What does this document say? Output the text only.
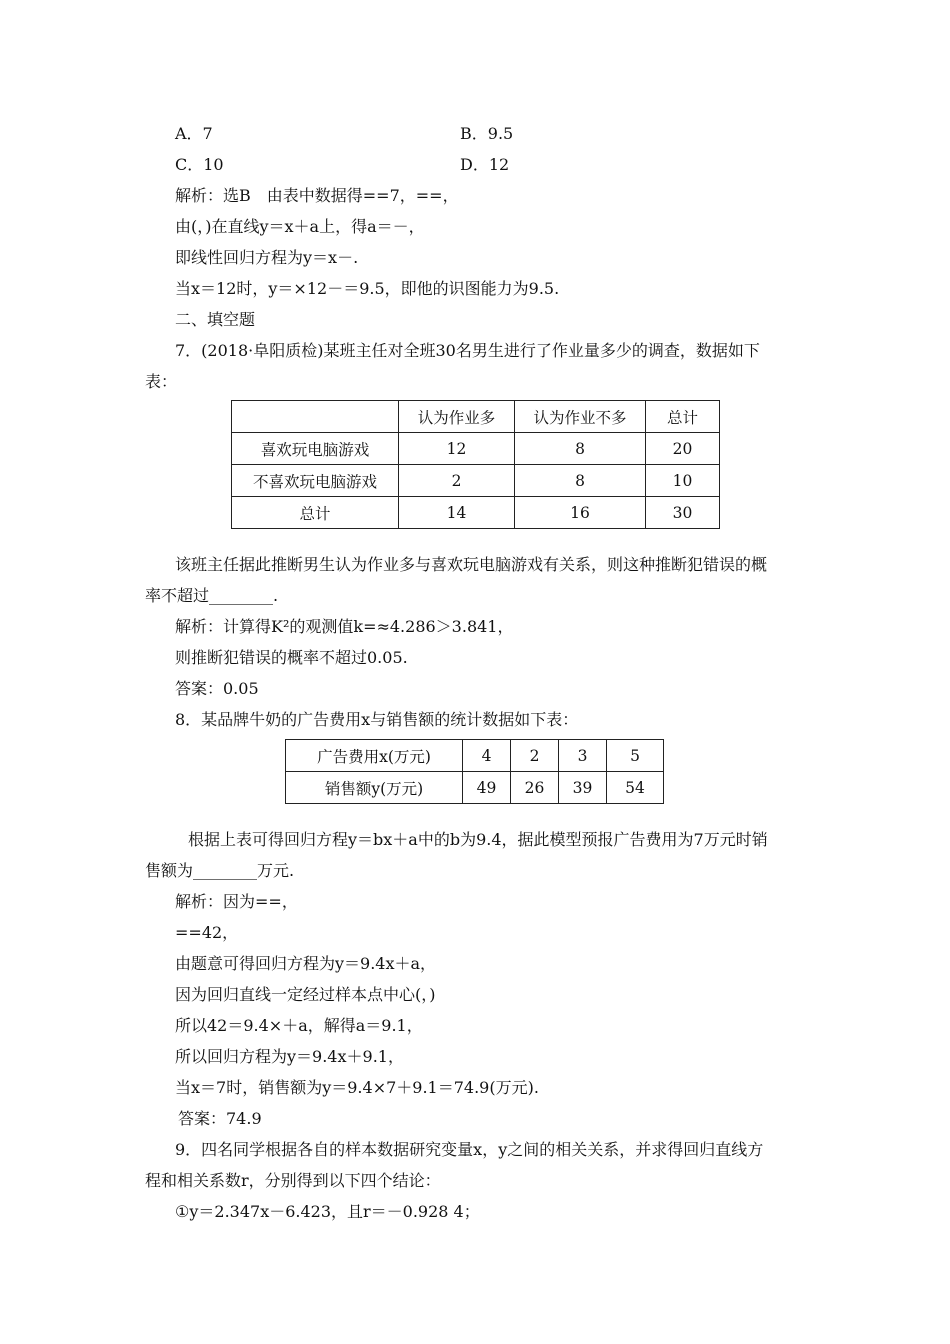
A．7	B．9.5
C．10	D．12
解析：选B　由表中数据得==7，==，
由(，)在直线y＝x＋a上，得a＝－，
即线性回归方程为y＝x－.
当x＝12时，y＝×12－＝9.5，即他的识图能力为9.5.
二、填空题
7．(2018·阜阳质检)某班主任对全班30名男生进行了作业量多少的调查，数据如下
表：
	认为作业多	认为作业不多	总计
喜欢玩电脑游戏	12	8	20
不喜欢玩电脑游戏	2	8	10
总计	14	16	30
该班主任据此推断男生认为作业多与喜欢玩电脑游戏有关系，则这种推断犯错误的概
率不超过________.
解析：计算得K²的观测值k=≈4.286＞3.841，
则推断犯错误的概率不超过0.05.
答案：0.05
8．某品牌牛奶的广告费用x与销售额的统计数据如下表：
广告费用x(万元)	4	2	3	5
销售额y(万元)	49	26	39	54
根据上表可得回归方程y＝bx＋a中的b为9.4，据此模型预报广告费用为7万元时销
售额为________万元.
解析：因为==，
==42，
由题意可得回归方程为y＝9.4x＋a，
因为回归直线一定经过样本点中心(，)
所以42＝9.4×＋a，解得a＝9.1，
所以回归方程为y＝9.4x＋9.1，
当x＝7时，销售额为y＝9.4×7＋9.1＝74.9(万元).
答案：74.9
9．四名同学根据各自的样本数据研究变量x，y之间的相关关系，并求得回归直线方
程和相关系数r，分别得到以下四个结论：
①y＝2.347x－6.423，且r＝－0.928 4；
